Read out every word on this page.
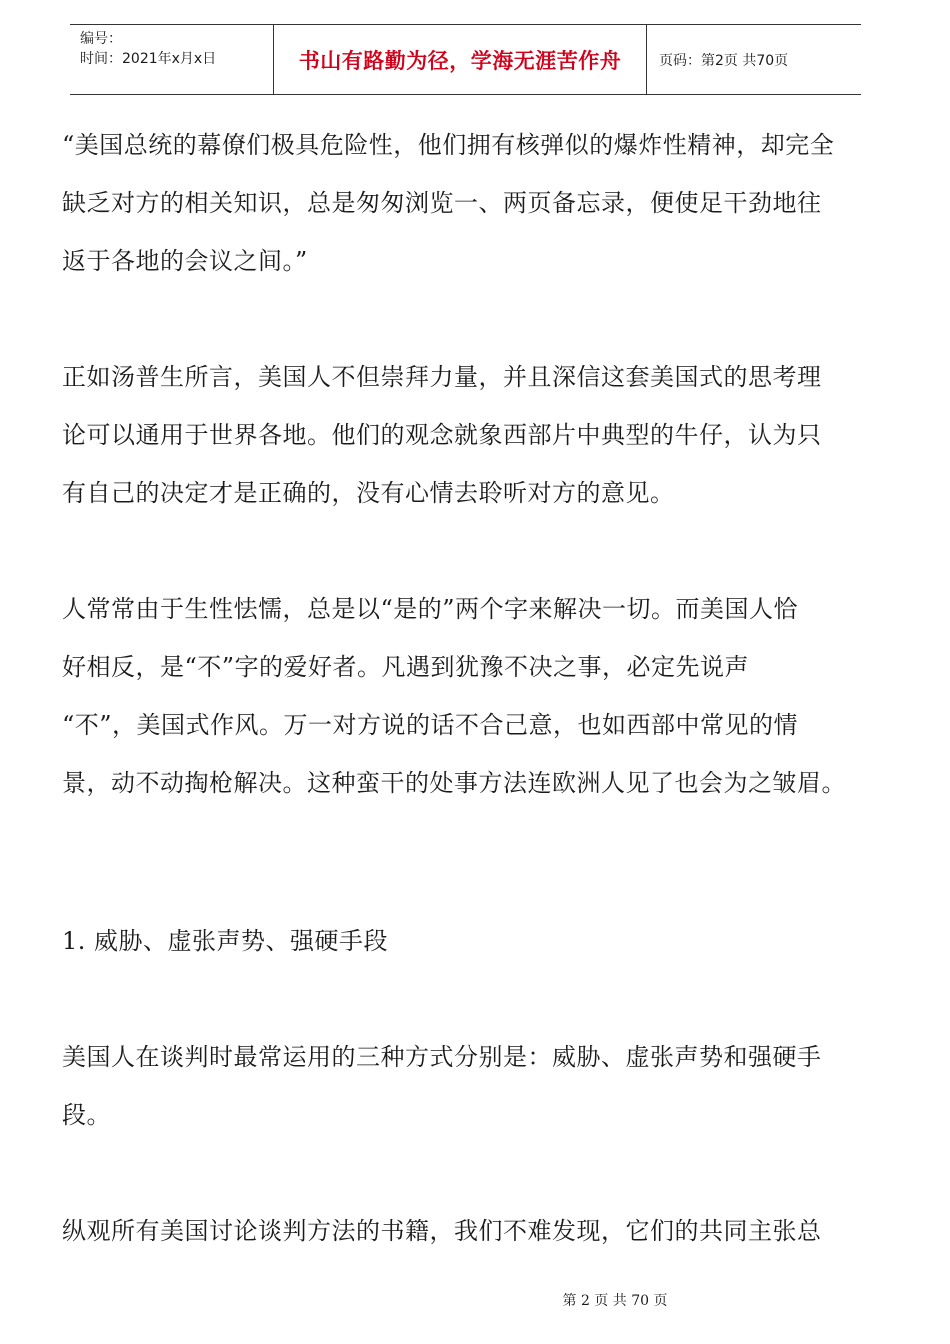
编号：
时间：2021年x月x日	书山有路勤为径，学海无涯苦作舟	页码：第2页 共70页

“美国总统的幕僚们极具危险性，他们拥有核弹似的爆炸性精神，却完全

缺乏对方的相关知识，总是匆匆浏览一、两页备忘录，便使足干劲地往

返于各地的会议之间。”

正如汤普生所言，美国人不但崇拜力量，并且深信这套美国式的思考理

论可以通用于世界各地。他们的观念就象西部片中典型的牛仔，认为只

有自己的决定才是正确的，没有心情去聆听对方的意见。

人常常由于生性怯懦，总是以“是的”两个字来解决一切。而美国人恰

好相反，是“不”字的爱好者。凡遇到犹豫不决之事，必定先说声

“不”，美国式作风。万一对方说的话不合己意，也如西部中常见的情

景，动不动掏枪解决。这种蛮干的处事方法连欧洲人见了也会为之皱眉。

1. 威胁、虚张声势、强硬手段

美国人在谈判时最常运用的三种方式分别是：威胁、虚张声势和强硬手

段。

纵观所有美国讨论谈判方法的书籍，我们不难发现，它们的共同主张总

第 2 页 共 70 页
